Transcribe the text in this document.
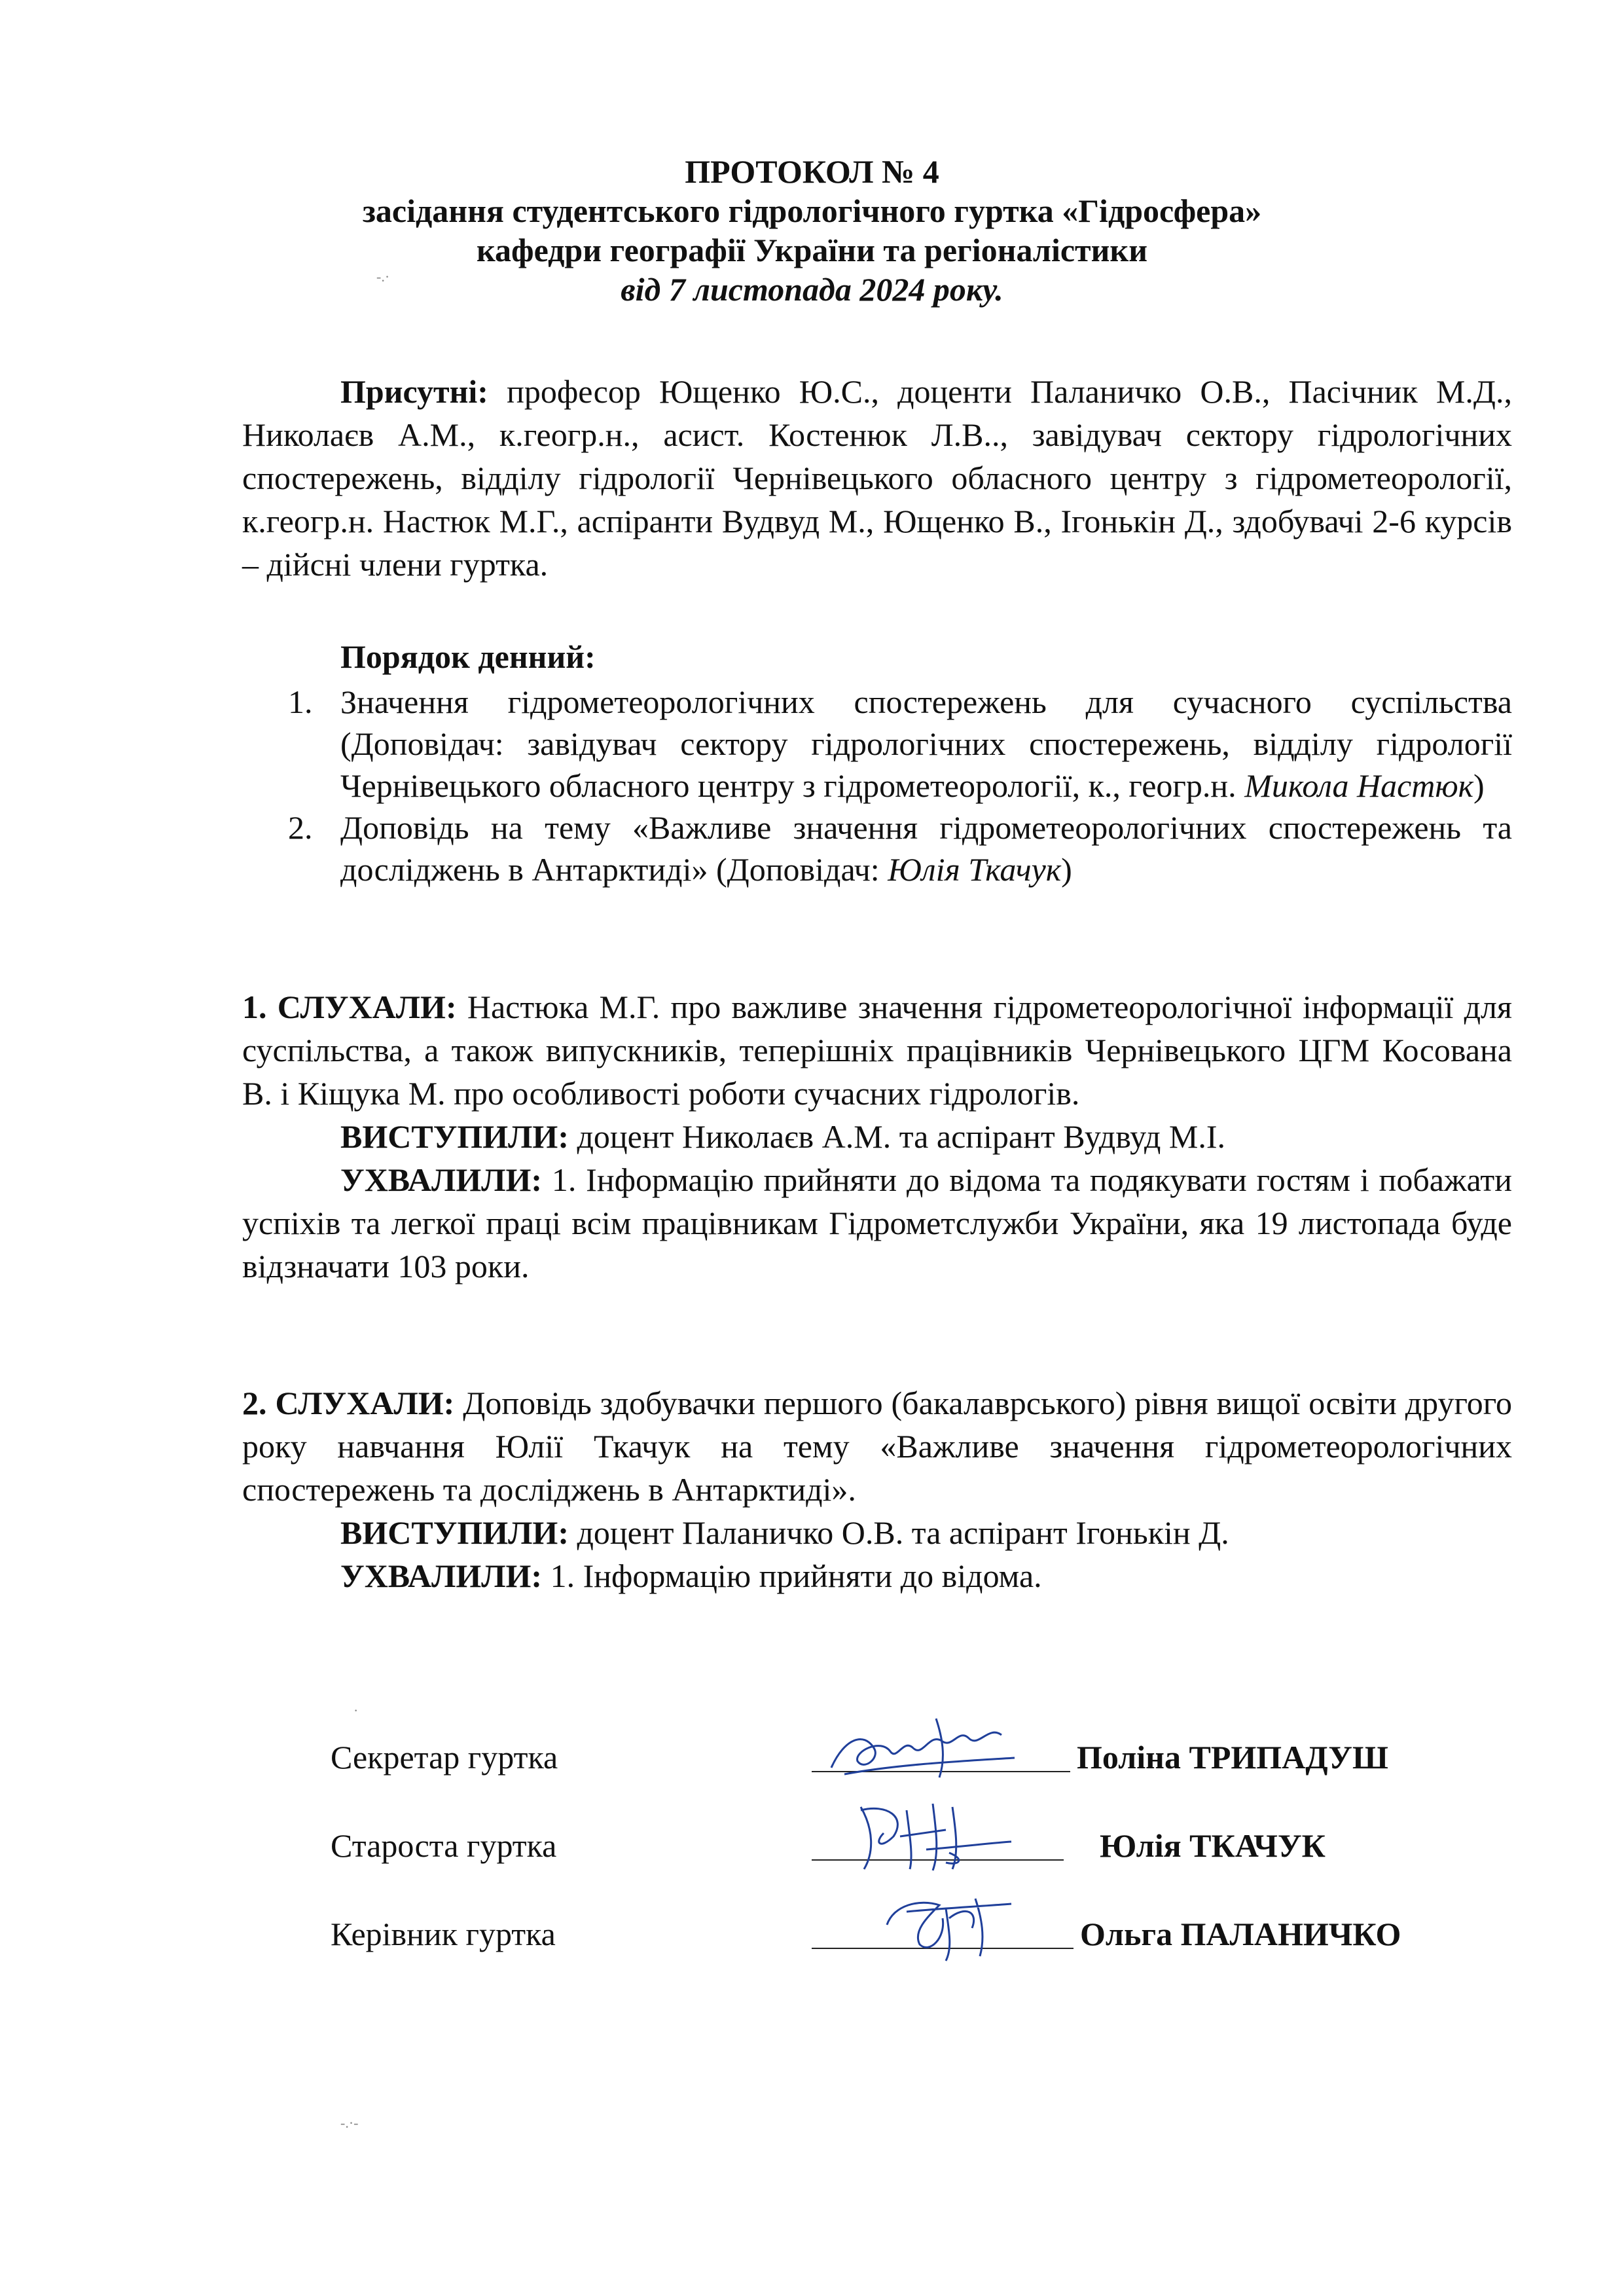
ПРОТОКОЛ № 4
засідання студентського гідрологічного гуртка «Гідросфера»
кафедри географії України та регіоналістики
від 7 листопада 2024 року.

Присутні: професор Ющенко Ю.С., доценти Паланичко О.В., Пасічник М.Д., Николаєв А.М., к.геогр.н., асист. Костенюк Л.В.., завідувач сектору гідрологічних спостережень, відділу гідрології Чернівецького обласного центру з гідрометеорології, к.геогр.н. Настюк М.Г., аспіранти Вудвуд М., Ющенко В., Ігонькін Д., здобувачі 2-6 курсів – дійсні члени гуртка.

Порядок денний:

1. Значення гідрометеорологічних спостережень для сучасного суспільства (Доповідач: завідувач сектору гідрологічних спостережень, відділу гідрології Чернівецького обласного центру з гідрометеорології, к., геогр.н. Микола Настюк)
2. Доповідь на тему «Важливе значення гідрометеорологічних спостережень та досліджень в Антарктиді» (Доповідач: Юлія Ткачук)

1. СЛУХАЛИ: Настюка М.Г. про важливе значення гідрометеорологічної інформації для суспільства, а також випускників, теперішніх працівників Чернівецького ЦГМ Косована В. і Кіщука М. про особливості роботи сучасних гідрологів.

ВИСТУПИЛИ: доцент Николаєв А.М. та аспірант Вудвуд М.І.

УХВАЛИЛИ: 1. Інформацію прийняти до відома та подякувати гостям і побажати успіхів та легкої праці всім працівникам Гідрометслужби України, яка 19 листопада буде відзначати 103 роки.

2. СЛУХАЛИ: Доповідь здобувачки першого (бакалаврського) рівня вищої освіти другого року навчання Юлії Ткачук на тему «Важливе значення гідрометеорологічних спостережень та досліджень в Антарктиді».

ВИСТУПИЛИ: доцент Паланичко О.В. та аспірант Ігонькін Д.

УХВАЛИЛИ: 1. Інформацію прийняти до відома.

Секретар гуртка	Поліна ТРИПАДУШ
Староста гуртка	Юлія ТКАЧУК
Керівник гуртка	Ольга ПАЛАНИЧКО
-.·
·
-.·-
